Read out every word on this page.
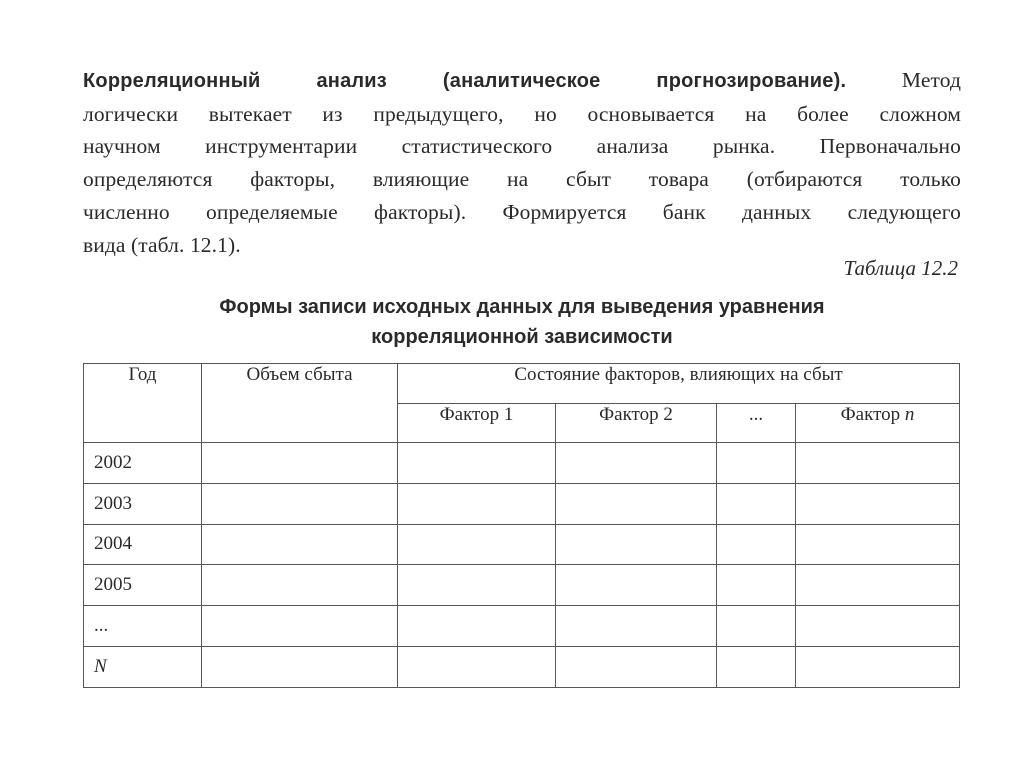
Корреляционный анализ (аналитическое прогнозирование). Метод
логически вытекает из предыдущего, но основывается на более сложном
научном инструментарии статистического анализа рынка. Первоначально
определяются факторы, влияющие на сбыт товара (отбираются только
численно определяемые факторы). Формируется банк данных следующего
вида (табл. 12.1).
Таблица 12.2
Формы записи исходных данных для выведения уравнения
корреляционной зависимости
Год	Объем сбыта	Состояние факторов, влияющих на сбыт			
		Фактор 1	Фактор 2	...	Фактор n
2002					
2003					
2004					
2005					
...					
N					
